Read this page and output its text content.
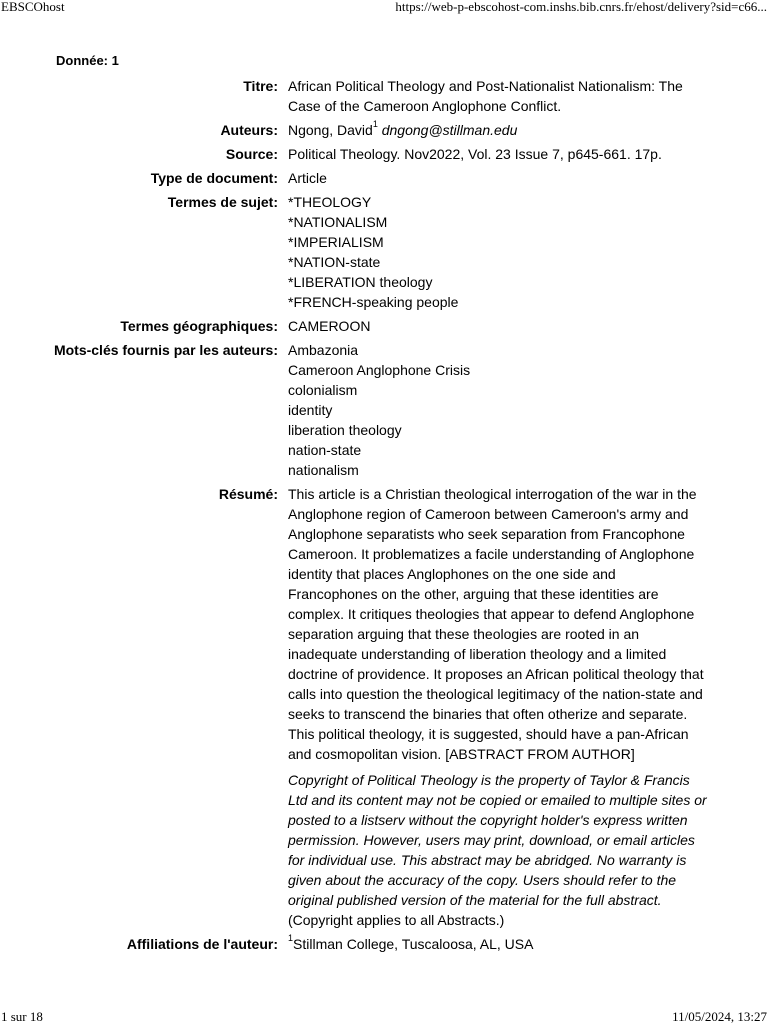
EBSCOhost	https://web-p-ebscohost-com.inshs.bib.cnrs.fr/ehost/delivery?sid=c66...
Donnée: 1
Titre: African Political Theology and Post-Nationalist Nationalism: The Case of the Cameroon Anglophone Conflict.
Auteurs: Ngong, David$^1$ dngong@stillman.edu
Source: Political Theology. Nov2022, Vol. 23 Issue 7, p645-661. 17p.
Type de document: Article
Termes de sujet: *THEOLOGY
*NATIONALISM
*IMPERIALISM
*NATION-state
*LIBERATION theology
*FRENCH-speaking people
Termes géographiques: CAMEROON
Mots-clés fournis par les auteurs: Ambazonia
Cameroon Anglophone Crisis
colonialism
identity
liberation theology
nation-state
nationalism
Résumé: This article is a Christian theological interrogation of the war in the Anglophone region of Cameroon between Cameroon's army and Anglophone separatists who seek separation from Francophone Cameroon. It problematizes a facile understanding of Anglophone identity that places Anglophones on the one side and Francophones on the other, arguing that these identities are complex. It critiques theologies that appear to defend Anglophone separation arguing that these theologies are rooted in an inadequate understanding of liberation theology and a limited doctrine of providence. It proposes an African political theology that calls into question the theological legitimacy of the nation-state and seeks to transcend the binaries that often otherize and separate. This political theology, it is suggested, should have a pan-African and cosmopolitan vision. [ABSTRACT FROM AUTHOR]
Copyright of Political Theology is the property of Taylor & Francis Ltd and its content may not be copied or emailed to multiple sites or posted to a listserv without the copyright holder's express written permission. However, users may print, download, or email articles for individual use. This abstract may be abridged. No warranty is given about the accuracy of the copy. Users should refer to the original published version of the material for the full abstract. (Copyright applies to all Abstracts.)
Affiliations de l'auteur:	$^1$Stillman College, Tuscaloosa, AL, USA
1 sur 18	11/05/2024, 13:27
